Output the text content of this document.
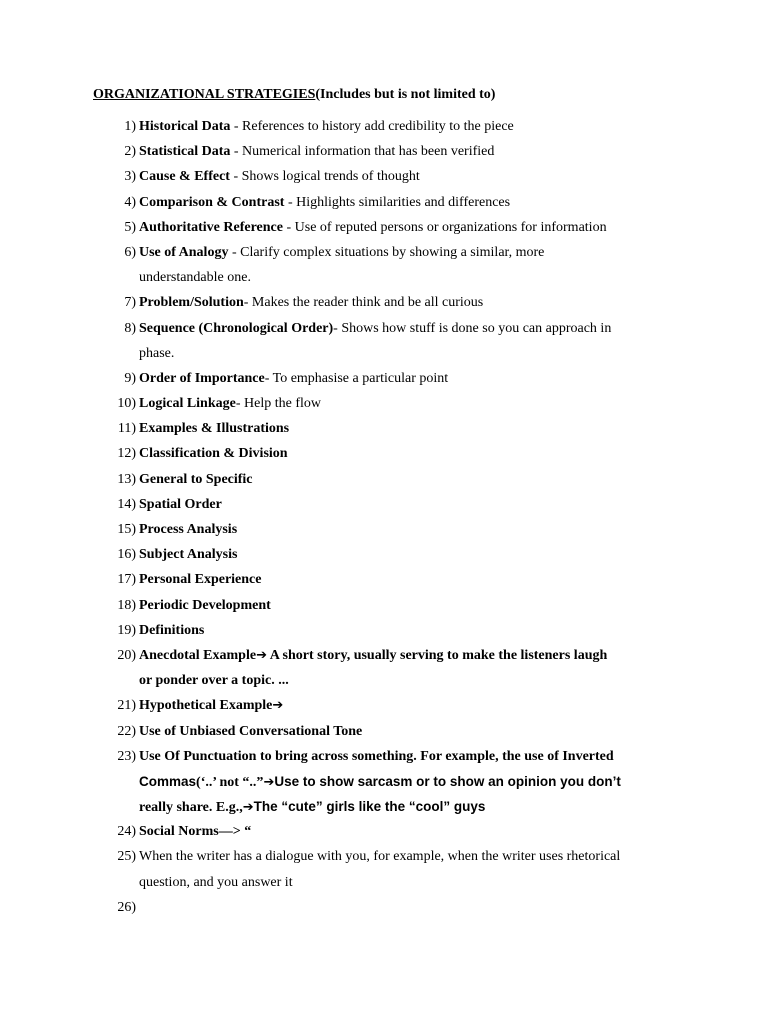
ORGANIZATIONAL STRATEGIES(Includes but is not limited to)
1) Historical Data - References to history add credibility to the piece
2) Statistical Data - Numerical information that has been verified
3) Cause & Effect - Shows logical trends of thought
4) Comparison & Contrast - Highlights similarities and differences
5) Authoritative Reference - Use of reputed persons or organizations for information
6) Use of Analogy - Clarify complex situations by showing a similar, more
understandable one.
7) Problem/Solution- Makes the reader think and be all curious
8) Sequence (Chronological Order)- Shows how stuff is done so you can approach in
phase.
9) Order of Importance- To emphasise a particular point
10) Logical Linkage- Help the flow
11) Examples & Illustrations
12) Classification & Division
13) General to Specific
14) Spatial Order
15) Process Analysis
16) Subject Analysis
17) Personal Experience
18) Periodic Development
19) Definitions
20) Anecdotal Example➔ A short story, usually serving to make the listeners laugh
or ponder over a topic. ...
21) Hypothetical Example➔
22) Use of Unbiased Conversational Tone
23) Use Of Punctuation to bring across something. For example, the use of Inverted
Commas(‘..’ not “..”➔Use to show sarcasm or to show an opinion you don’t
really share. E.g.,➔The “cute” girls like the “cool” guys
24) Social Norms—> “
25) When the writer has a dialogue with you, for example, when the writer uses rhetorical
question, and you answer it
26)
